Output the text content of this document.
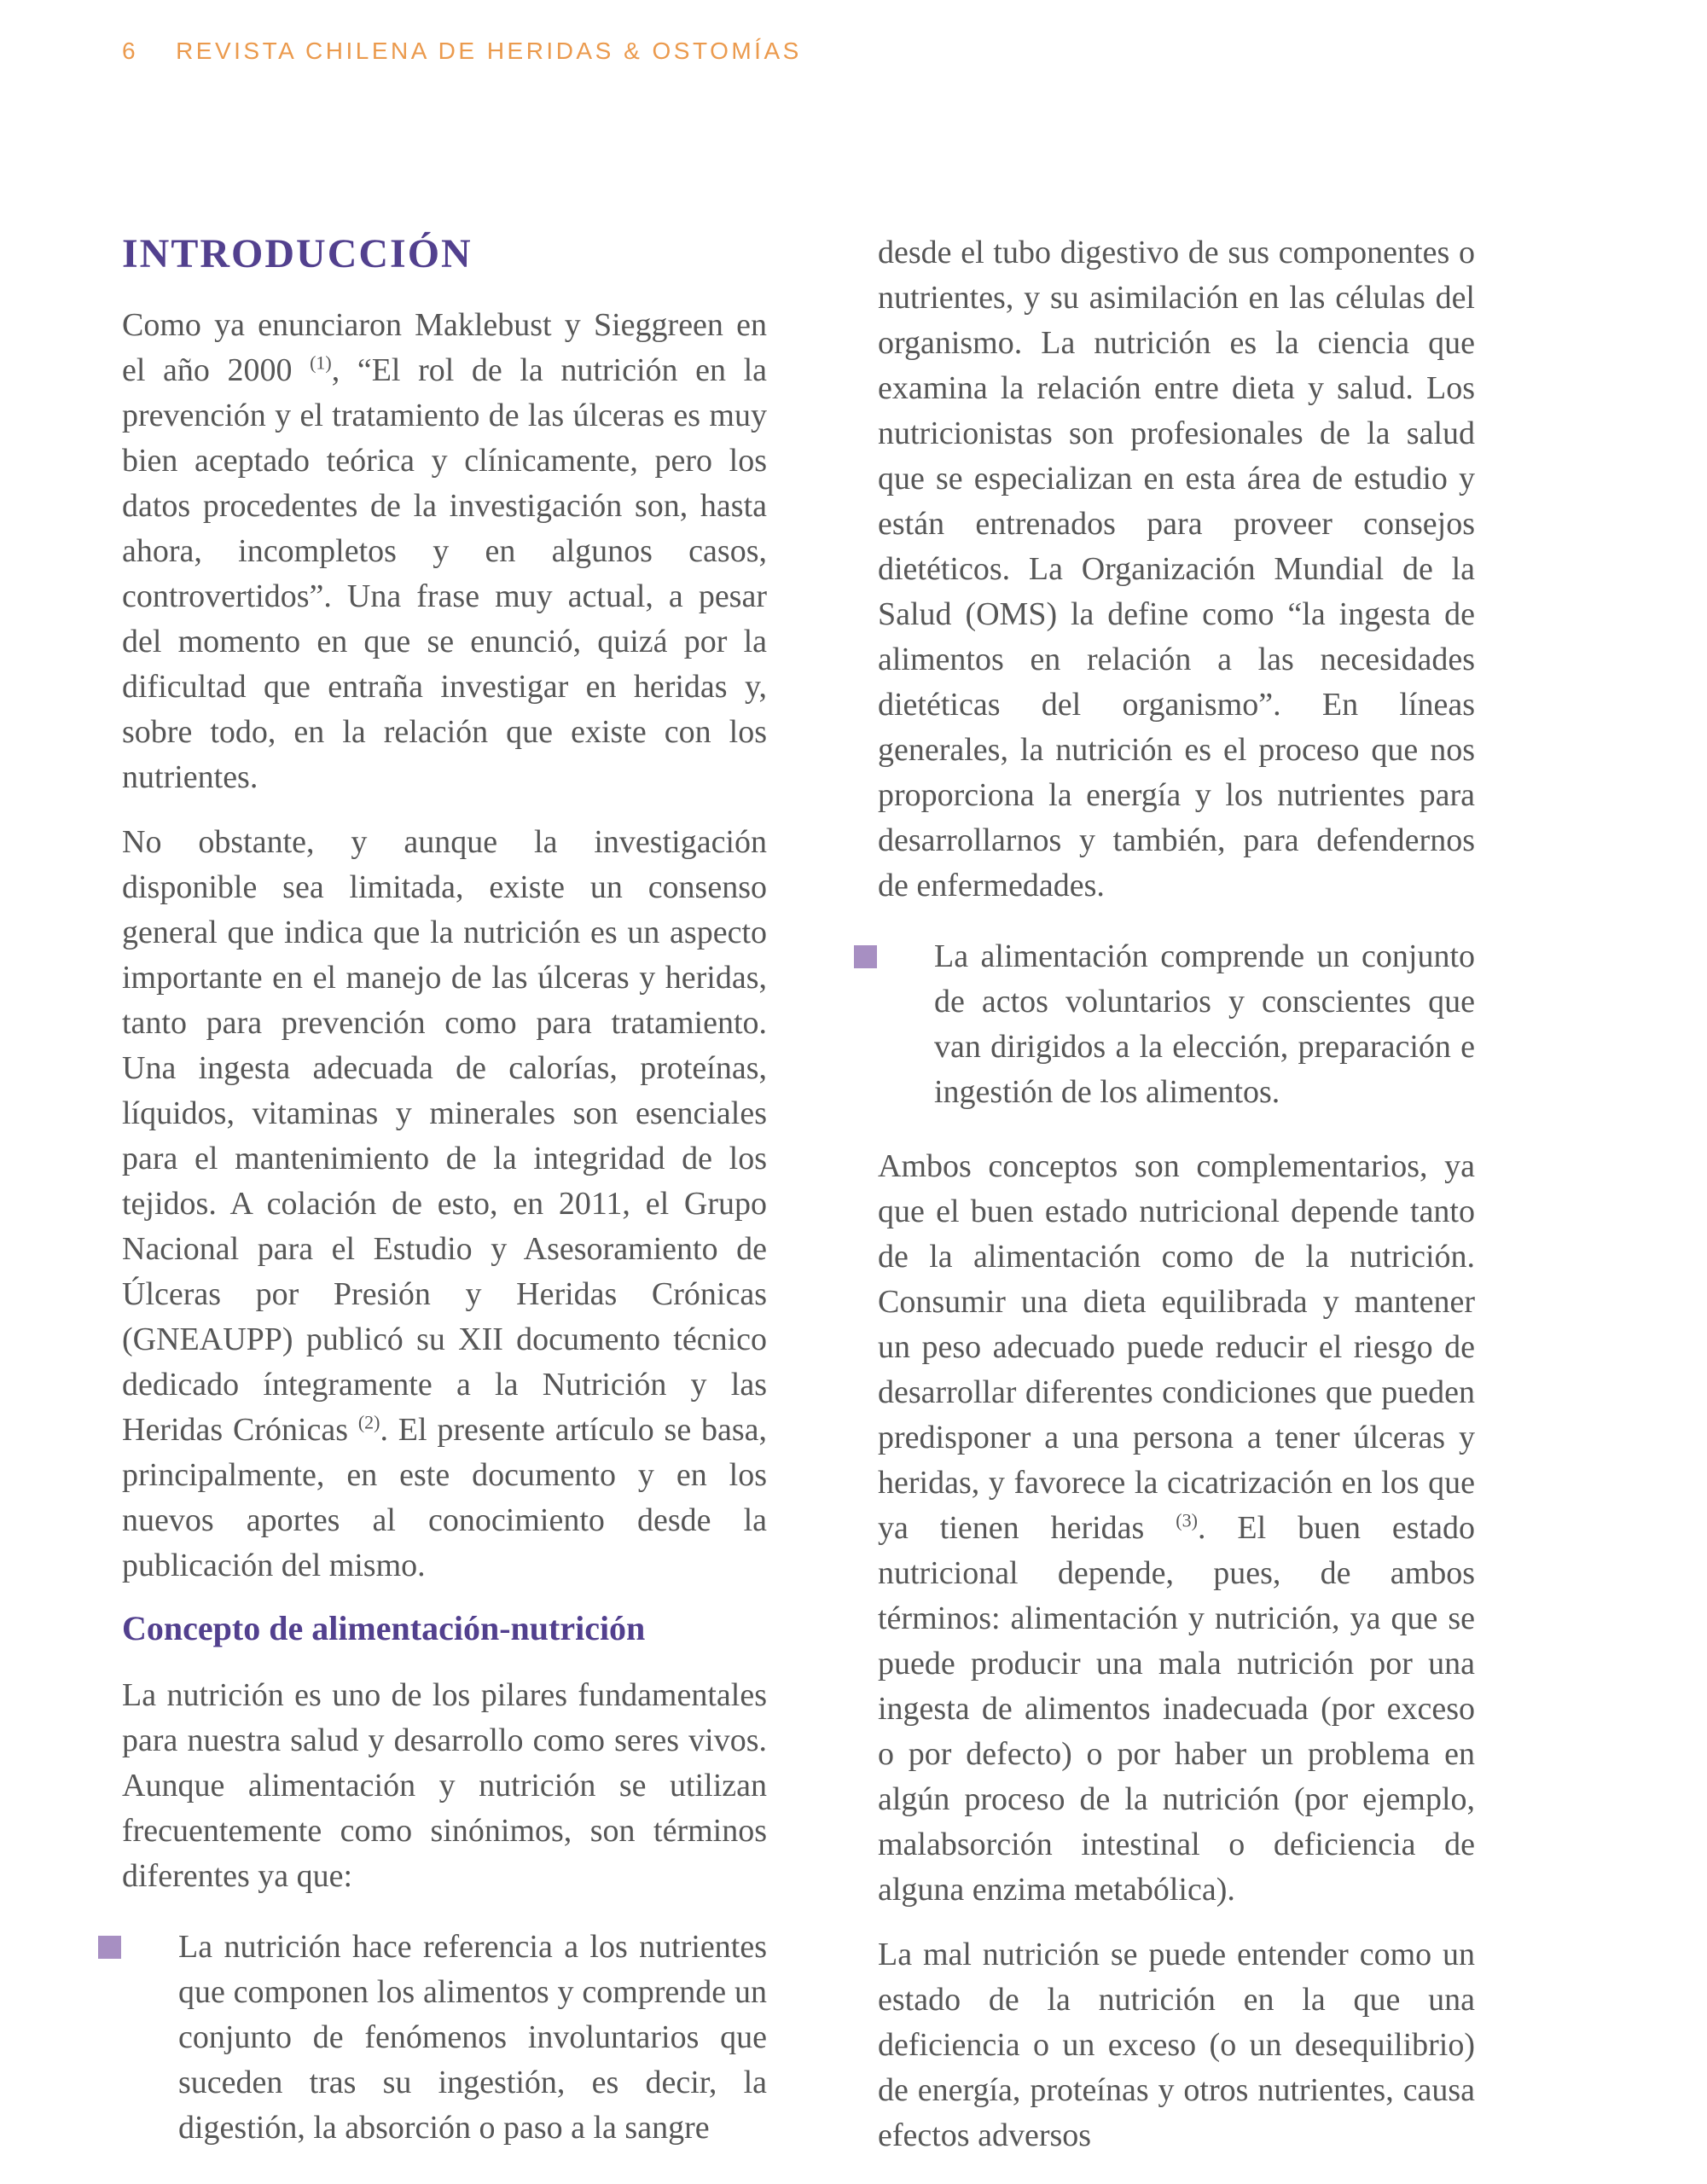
6 REVISTA CHILENA DE HERIDAS & OSTOMÍAS
INTRODUCCIÓN

Como ya enunciaron Maklebust y Sieggreen en el año 2000 $^{(1)}$, “El rol de la nutrición en la prevención y el tratamiento de las úlceras es muy bien aceptado teórica y clínicamente, pero los datos procedentes de la investigación son, hasta ahora, incompletos y en algunos casos, controvertidos”. Una frase muy actual, a pesar del momento en que se enunció, quizá por la dificultad que entraña investigar en heridas y, sobre todo, en la relación que existe con los nutrientes.

No obstante, y aunque la investigación disponible sea limitada, existe un consenso general que indica que la nutrición es un aspecto importante en el manejo de las úlceras y heridas, tanto para prevención como para tratamiento. Una ingesta adecuada de calorías, proteínas, líquidos, vitaminas y minerales son esenciales para el mantenimiento de la integridad de los tejidos. A colación de esto, en 2011, el Grupo Nacional para el Estudio y Asesoramiento de Úlceras por Presión y Heridas Crónicas (GNEAUPP) publicó su XII documento técnico dedicado íntegramente a la Nutrición y las Heridas Crónicas $^{(2)}$. El presente artículo se basa, principalmente, en este documento y en los nuevos aportes al conocimiento desde la publicación del mismo.

Concepto de alimentación-nutrición

La nutrición es uno de los pilares fundamentales para nuestra salud y desarrollo como seres vivos. Aunque alimentación y nutrición se utilizan frecuentemente como sinónimos, son términos diferentes ya que:

La nutrición hace referencia a los nutrientes que componen los alimentos y comprende un conjunto de fenómenos involuntarios que suceden tras su ingestión, es decir, la digestión, la absorción o paso a la sangre

desde el tubo digestivo de sus componentes o nutrientes, y su asimilación en las células del organismo. La nutrición es la ciencia que examina la relación entre dieta y salud. Los nutricionistas son profesionales de la salud que se especializan en esta área de estudio y están entrenados para proveer consejos dietéticos. La Organización Mundial de la Salud (OMS) la define como “la ingesta de alimentos en relación a las necesidades dietéticas del organismo”. En líneas generales, la nutrición es el proceso que nos proporciona la energía y los nutrientes para desarrollarnos y también, para defendernos de enfermedades.

La alimentación comprende un conjunto de actos voluntarios y conscientes que van dirigidos a la elección, preparación e ingestión de los alimentos.

Ambos conceptos son complementarios, ya que el buen estado nutricional depende tanto de la alimentación como de la nutrición. Consumir una dieta equilibrada y mantener un peso adecuado puede reducir el riesgo de desarrollar diferentes condiciones que pueden predisponer a una persona a tener úlceras y heridas, y favorece la cicatrización en los que ya tienen heridas $^{(3)}$. El buen estado nutricional depende, pues, de ambos términos: alimentación y nutrición, ya que se puede producir una mala nutrición por una ingesta de alimentos inadecuada (por exceso o por defecto) o por haber un problema en algún proceso de la nutrición (por ejemplo, malabsorción intestinal o deficiencia de alguna enzima metabólica).

La mal nutrición se puede entender como un estado de la nutrición en la que una deficiencia o un exceso (o un desequilibrio) de energía, proteínas y otros nutrientes, causa efectos adversos
